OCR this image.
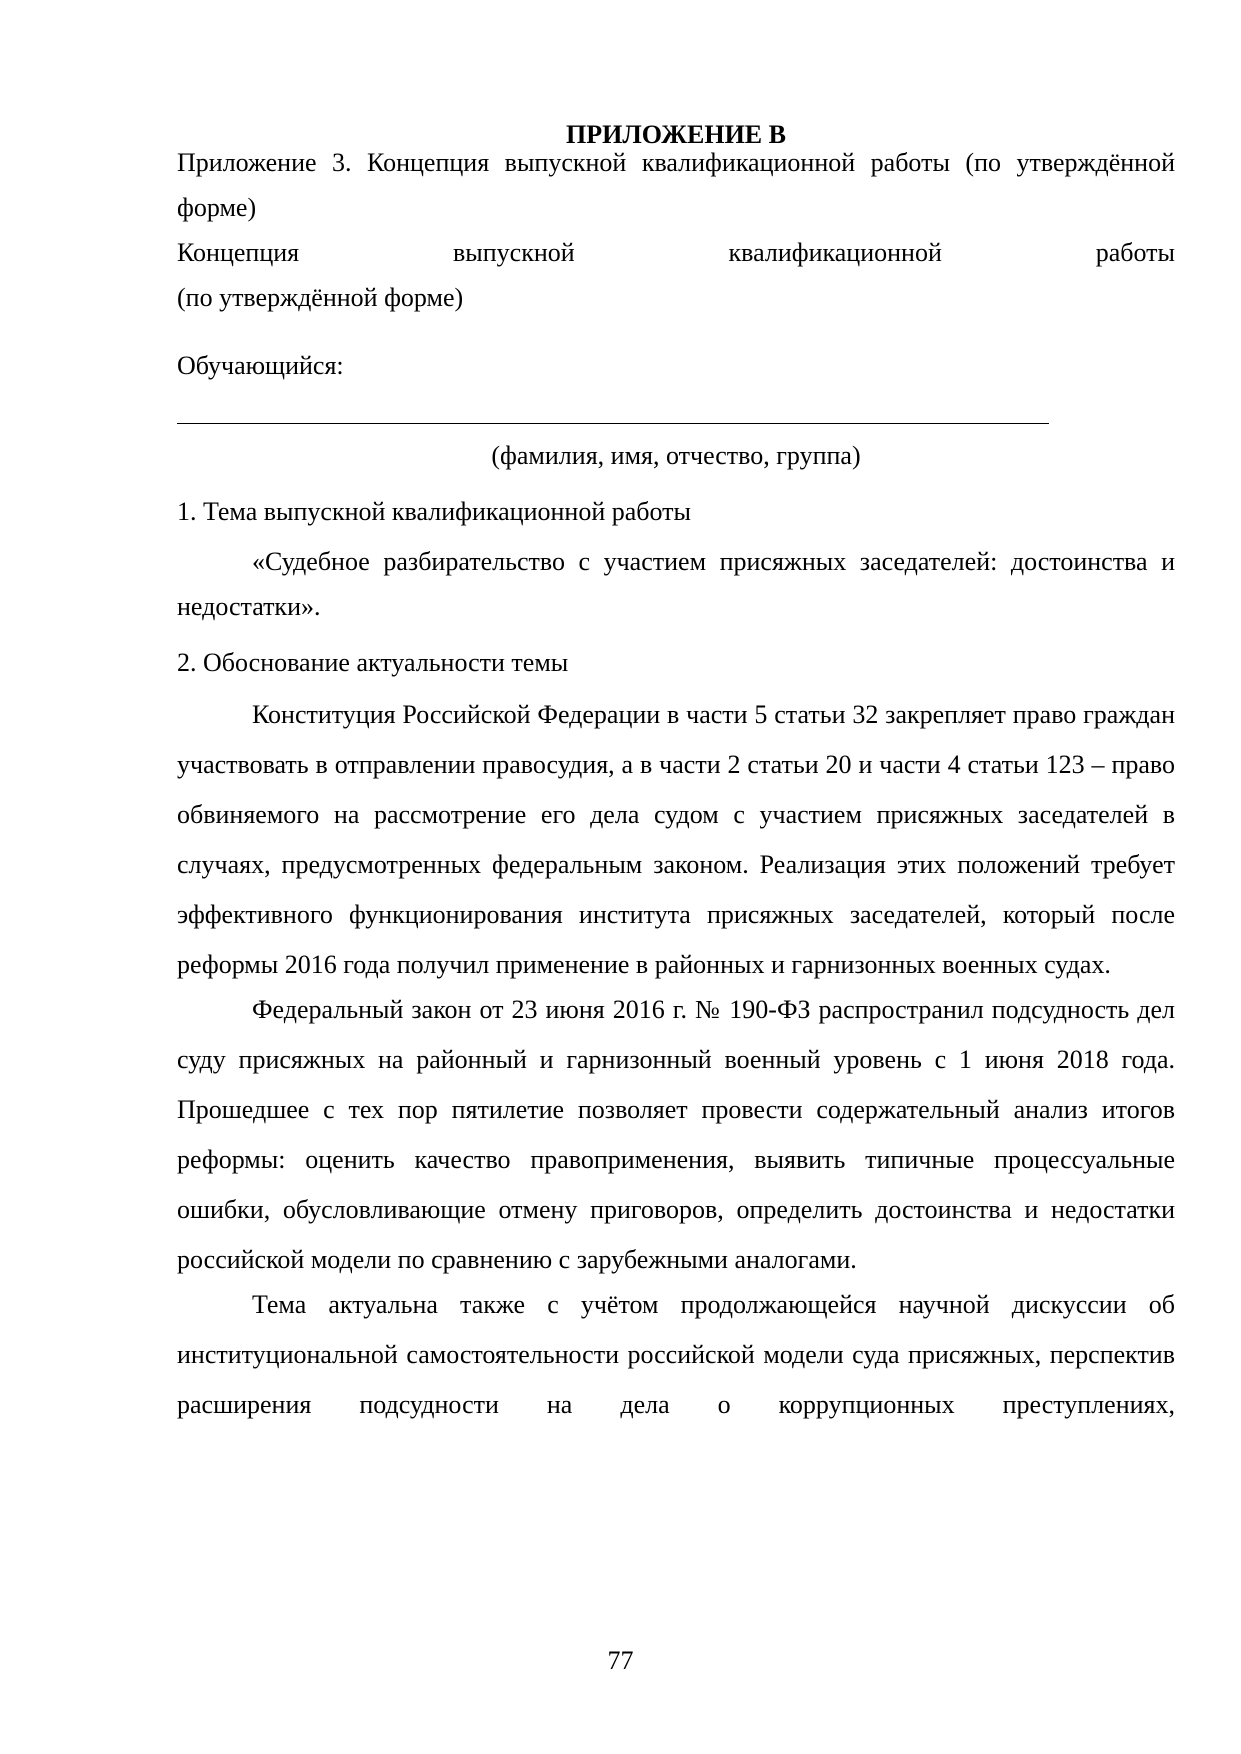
ПРИЛОЖЕНИЕ В

Приложение 3. Концепция выпускной квалификационной работы (по утверждённой форме)

Концепция выпускной квалификационной работы

(по утверждённой форме)

Обучающийся:
(фамилия, имя, отчество, группа)
1. Тема выпускной квалификационной работы

«Судебное разбирательство с участием присяжных заседателей: достоинства и недостатки».

2. Обоснование актуальности темы

Конституция Российской Федерации в части 5 статьи 32 закрепляет право граждан участвовать в отправлении правосудия, а в части 2 статьи 20 и части 4 статьи 123 – право обвиняемого на рассмотрение его дела судом с участием присяжных заседателей в случаях, предусмотренных федеральным законом. Реализация этих положений требует эффективного функционирования института присяжных заседателей, который после реформы 2016 года получил применение в районных и гарнизонных военных судах.

Федеральный закон от 23 июня 2016 г. № 190-ФЗ распространил подсудность дел суду присяжных на районный и гарнизонный военный уровень с 1 июня 2018 года. Прошедшее с тех пор пятилетие позволяет провести содержательный анализ итогов реформы: оценить качество правоприменения, выявить типичные процессуальные ошибки, обусловливающие отмену приговоров, определить достоинства и недостатки российской модели по сравнению с зарубежными аналогами.

Тема актуальна также с учётом продолжающейся научной дискуссии об институциональной самостоятельности российской модели суда присяжных, перспектив расширения подсудности на дела о коррупционных преступлениях,

77
